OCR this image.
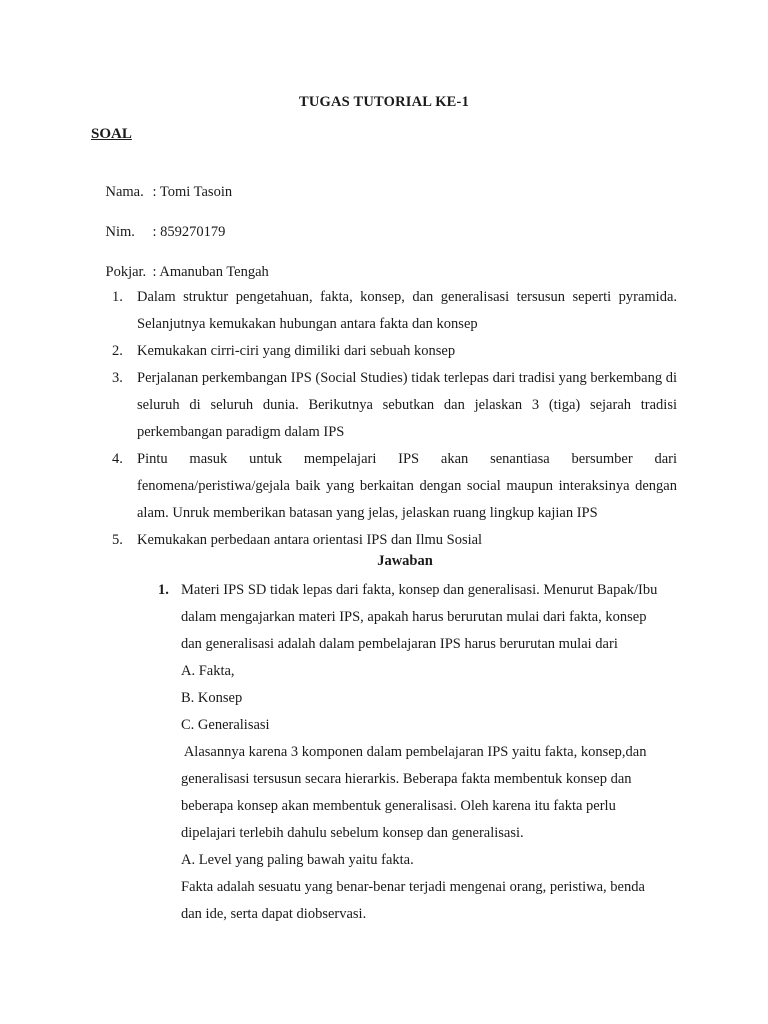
TUGAS TUTORIAL KE-1
SOAL

Nama. : Tomi Tasoin

Nim. : 859270179

Pokjar. : Amanuban Tengah

1. Dalam struktur pengetahuan, fakta, konsep, dan generalisasi tersusun seperti pyramida. Selanjutnya kemukakan hubungan antara fakta dan konsep
2. Kemukakan cirri-ciri yang dimiliki dari sebuah konsep
3. Perjalanan perkembangan IPS (Social Studies) tidak terlepas dari tradisi yang berkembang di seluruh di seluruh dunia. Berikutnya sebutkan dan jelaskan 3 (tiga) sejarah tradisi perkembangan paradigm dalam IPS
4. Pintu masuk untuk mempelajari IPS akan senantiasa bersumber dari fenomena/peristiwa/gejala baik yang berkaitan dengan social maupun interaksinya dengan alam. Unruk memberikan batasan yang jelas, jelaskan ruang lingkup kajian IPS
5. Kemukakan perbedaan antara orientasi IPS dan Ilmu Sosial
Jawaban
1. Materi IPS SD tidak lepas dari fakta, konsep dan generalisasi. Menurut Bapak/Ibu
dalam mengajarkan materi IPS, apakah harus berurutan mulai dari fakta, konsep
dan generalisasi adalah dalam pembelajaran IPS harus berurutan mulai dari
A. Fakta,
B. Konsep
C. Generalisasi
Alasannya karena 3 komponen dalam pembelajaran IPS yaitu fakta, konsep,dan
generalisasi tersusun secara hierarkis. Beberapa fakta membentuk konsep dan
beberapa konsep akan membentuk generalisasi. Oleh karena itu fakta perlu
dipelajari terlebih dahulu sebelum konsep dan generalisasi.
A. Level yang paling bawah yaitu fakta.
Fakta adalah sesuatu yang benar-benar terjadi mengenai orang, peristiwa, benda
dan ide, serta dapat diobservasi.
